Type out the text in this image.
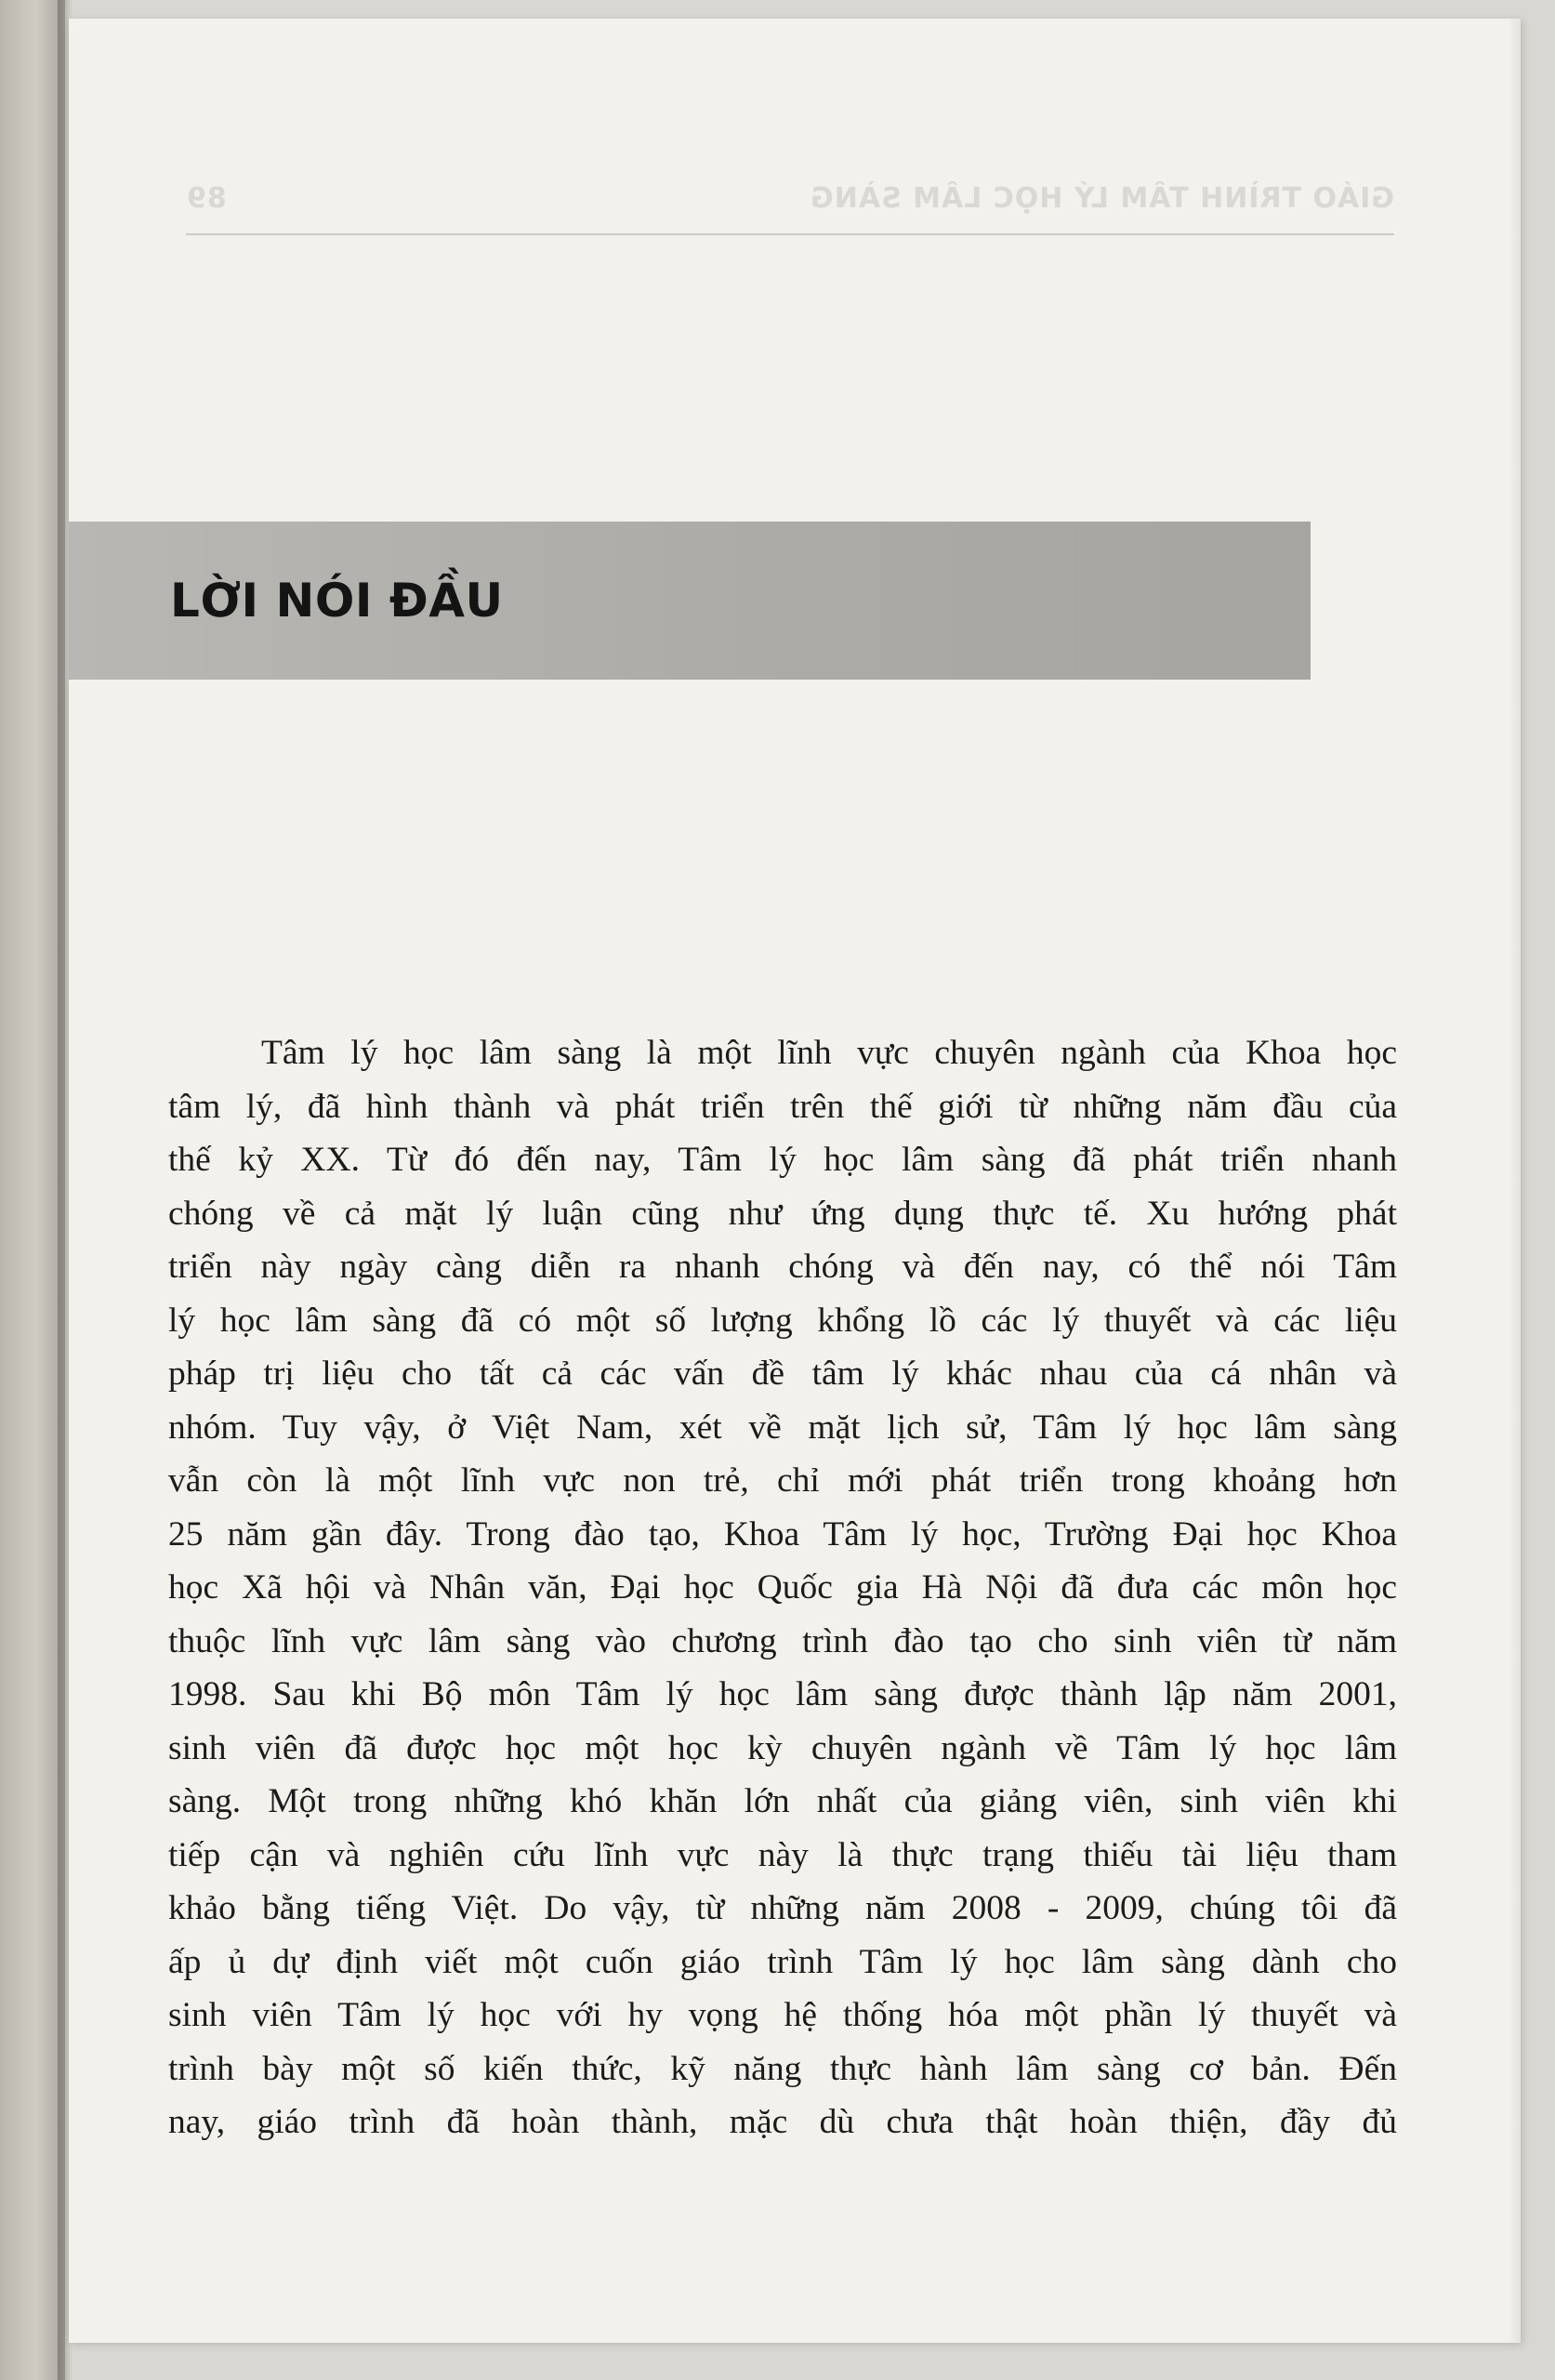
GIÁO TRÌNH TÂM LÝ HỌC LÂM SÀNG
89
LỜI NÓI ĐẦU
Tâm lý học lâm sàng là một lĩnh vực chuyên ngành của Khoa học
tâm lý, đã hình thành và phát triển trên thế giới từ những năm đầu của
thế kỷ XX. Từ đó đến nay, Tâm lý học lâm sàng đã phát triển nhanh
chóng về cả mặt lý luận cũng như ứng dụng thực tế. Xu hướng phát
triển này ngày càng diễn ra nhanh chóng và đến nay, có thể nói Tâm
lý học lâm sàng đã có một số lượng khổng lồ các lý thuyết và các liệu
pháp trị liệu cho tất cả các vấn đề tâm lý khác nhau của cá nhân và
nhóm. Tuy vậy, ở Việt Nam, xét về mặt lịch sử, Tâm lý học lâm sàng
vẫn còn là một lĩnh vực non trẻ, chỉ mới phát triển trong khoảng hơn
25 năm gần đây. Trong đào tạo, Khoa Tâm lý học, Trường Đại học Khoa
học Xã hội và Nhân văn, Đại học Quốc gia Hà Nội đã đưa các môn học
thuộc lĩnh vực lâm sàng vào chương trình đào tạo cho sinh viên từ năm
1998. Sau khi Bộ môn Tâm lý học lâm sàng được thành lập năm 2001,
sinh viên đã được học một học kỳ chuyên ngành về Tâm lý học lâm
sàng. Một trong những khó khăn lớn nhất của giảng viên, sinh viên khi
tiếp cận và nghiên cứu lĩnh vực này là thực trạng thiếu tài liệu tham
khảo bằng tiếng Việt. Do vậy, từ những năm 2008 - 2009, chúng tôi đã
ấp ủ dự định viết một cuốn giáo trình Tâm lý học lâm sàng dành cho
sinh viên Tâm lý học với hy vọng hệ thống hóa một phần lý thuyết và
trình bày một số kiến thức, kỹ năng thực hành lâm sàng cơ bản. Đến
nay, giáo trình đã hoàn thành, mặc dù chưa thật hoàn thiện, đầy đủ
